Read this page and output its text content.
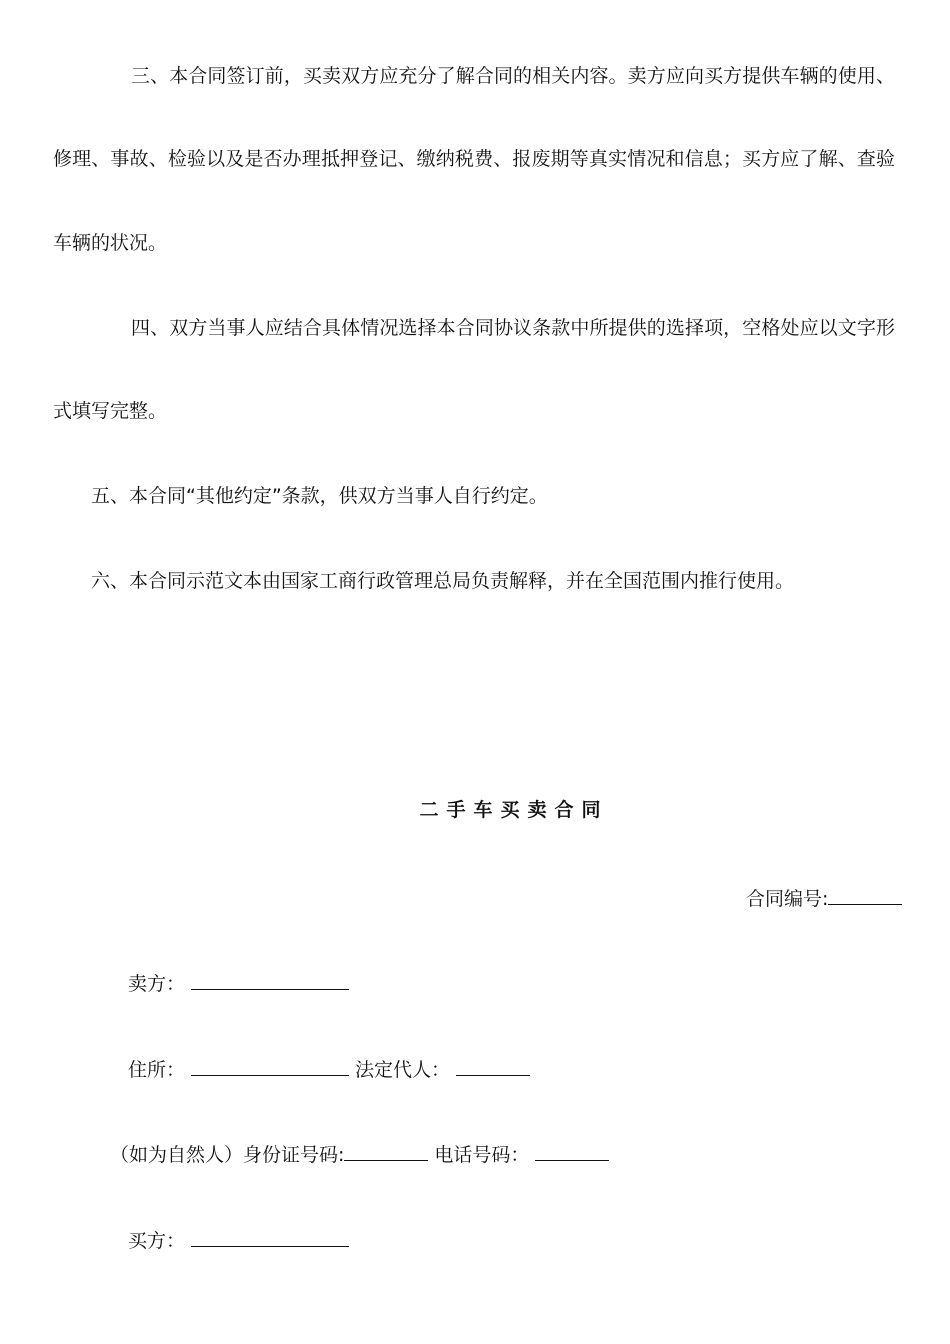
三、本合同签订前，买卖双方应充分了解合同的相关内容。卖方应向买方提供车辆的使用、
修理、事故、检验以及是否办理抵押登记、缴纳税费、报废期等真实情况和信息；买方应了解、查验
车辆的状况。
四、双方当事人应结合具体情况选择本合同协议条款中所提供的选择项，空格处应以文字形
式填写完整。
五、本合同“其他约定”条款，供双方当事人自行约定。
六、本合同示范文本由国家工商行政管理总局负责解释，并在全国范围内推行使用。
二手车买卖合同
合同编号:
卖方：
住所：	法定代人：
（如为自然人）身份证号码:	电话号码：
买方：
